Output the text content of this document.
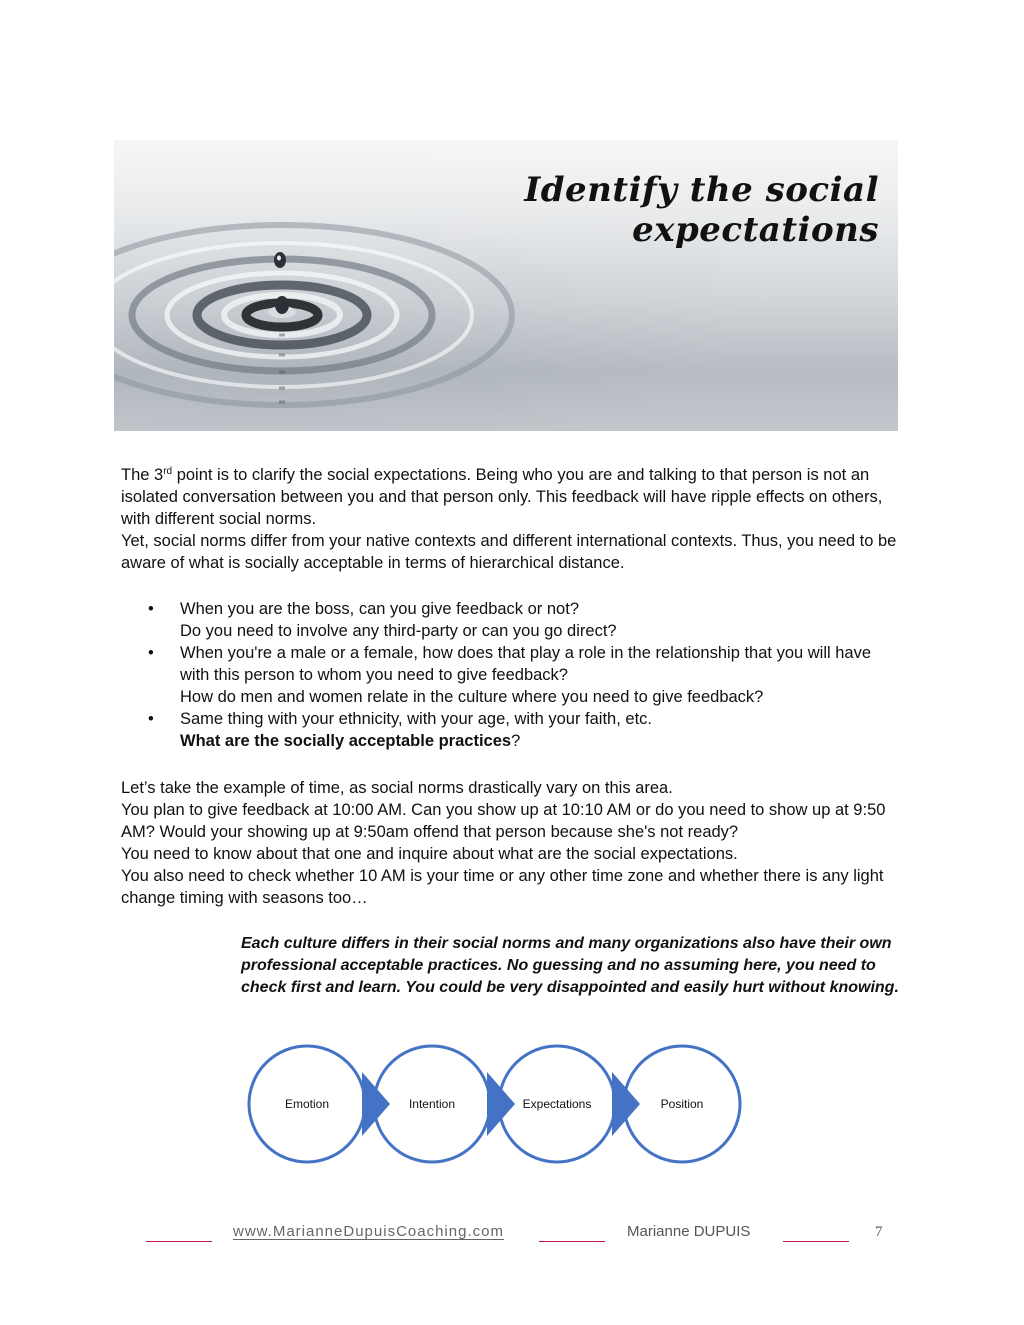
Identify the social expectations

The 3rd point is to clarify the social expectations. Being who you are and talking to that person is not an isolated conversation between you and that person only. This feedback will have ripple effects on others, with different social norms.

Yet, social norms differ from your native contexts and different international contexts. Thus, you need to be aware of what is socially acceptable in terms of hierarchical distance.

• When you are the boss, can you give feedback or not?
Do you need to involve any third-party or can you go direct?
• When you're a male or a female, how does that play a role in the relationship that you will have with this person to whom you need to give feedback?
How do men and women relate in the culture where you need to give feedback?
• Same thing with your ethnicity, with your age, with your faith, etc.
What are the socially acceptable practices?

Let’s take the example of time, as social norms drastically vary on this area.

You plan to give feedback at 10:00 AM. Can you show up at 10:10 AM or do you need to show up at 9:50 AM? Would your showing up at 9:50am offend that person because she's not ready?

You need to know about that one and inquire about what are the social expectations.

You also need to check whether 10 AM is your time or any other time zone and whether there is any light change timing with seasons too…

Each culture differs in their social norms and many organizations also have their own professional acceptable practices. No guessing and no assuming here, you need to check first and learn. You could be very disappointed and easily hurt without knowing.
Emotion	Intention	Expectations	Position
www.MarianneDupuisCoaching.com	Marianne DUPUIS	7
